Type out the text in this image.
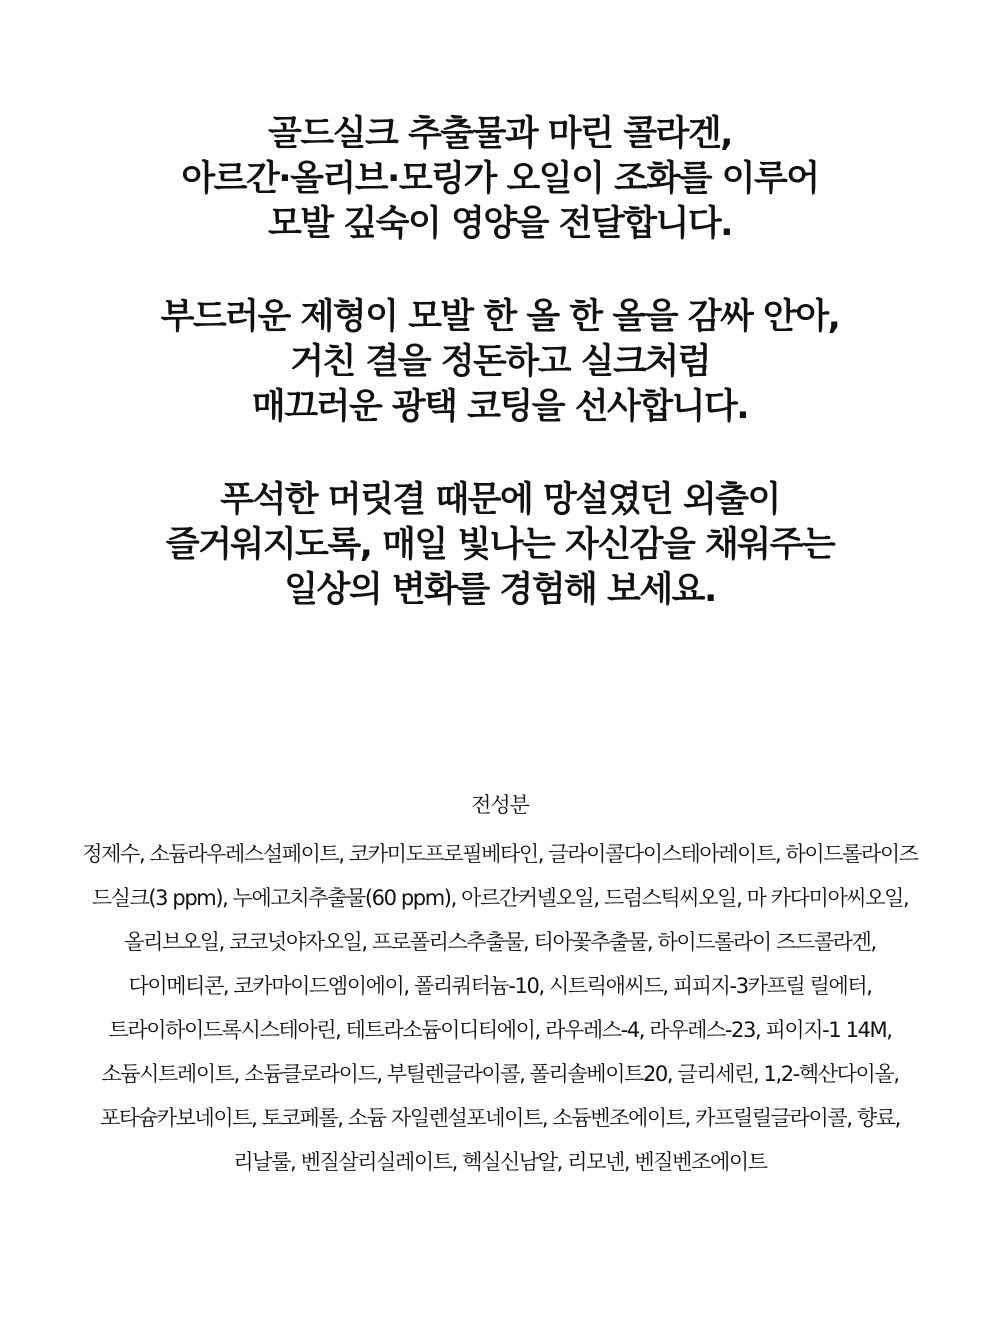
골드실크 추출물과 마린 콜라겐,
아르간·올리브·모링가 오일이 조화를 이루어
모발 깊숙이 영양을 전달합니다.

부드러운 제형이 모발 한 올 한 올을 감싸 안아,
거친 결을 정돈하고 실크처럼
매끄러운 광택 코팅을 선사합니다.

푸석한 머릿결 때문에 망설였던 외출이
즐거워지도록, 매일 빛나는 자신감을 채워주는
일상의 변화를 경험해 보세요.

전성분
정제수, 소듐라우레스설페이트, 코카미도프로필베타인, 글라이콜다이스테아레이트, 하이드롤라이즈
드실크(3 ppm), 누에고치추출물(60 ppm), 아르간커넬오일, 드럼스틱씨오일, 마 카다미아씨오일,
올리브오일, 코코넛야자오일, 프로폴리스추출물, 티아꽃추출물, 하이드롤라이 즈드콜라겐,
다이메티콘, 코카마이드엠이에이, 폴리쿼터늄-10, 시트릭애씨드, 피피지-3카프릴 릴에터,
트라이하이드록시스테아린, 테트라소듐이디티에이, 라우레스-4, 라우레스-23, 피이지-1 14M,
소듐시트레이트, 소듐클로라이드, 부틸렌글라이콜, 폴리솔베이트20, 글리세린, 1,2-헥산다이올,
포타슘카보네이트, 토코페롤, 소듐 자일렌설포네이트, 소듐벤조에이트, 카프릴릴글라이콜, 향료,
리날룰, 벤질살리실레이트, 헥실신남알, 리모넨, 벤질벤조에이트
